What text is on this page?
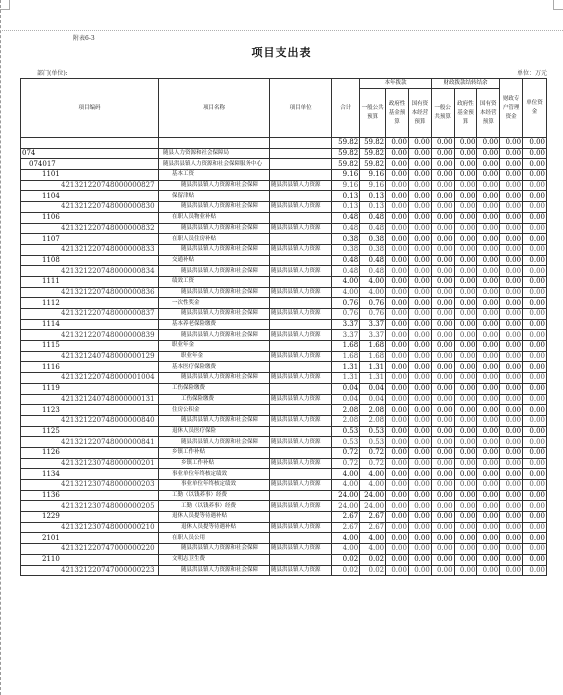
附表6-3
项目支出表
部门(单位):	单位：万元
项目编码	项目名称	项目单位	合计	本年拨款			财政拨款结转结余			财政专户管理资金	单位资金
				一般公共预算	政府性基金预算	国有资本经营预算	一般公共预算	政府性基金预算	国有资本经营预算		
			59.82	59.82	0.00	0.00	0.00	0.00	0.00	0.00	0.00
074	随县人力资源和社会保障局		59.82	59.82	0.00	0.00	0.00	0.00	0.00	0.00	0.00
074017	随县洪县镇人力资源和社会保障服务中心		59.82	59.82	0.00	0.00	0.00	0.00	0.00	0.00	0.00
1101	基本工资		9.16	9.16	0.00	0.00	0.00	0.00	0.00	0.00	0.00
421321220748000000827	随县洪县镇人力资源和社会保障	随县洪县镇人力资源	9.16	9.16	0.00	0.00	0.00	0.00	0.00	0.00	0.00
1104	保留津贴		0.13	0.13	0.00	0.00	0.00	0.00	0.00	0.00	0.00
421321220748000000830	随县洪县镇人力资源和社会保障	随县洪县镇人力资源	0.13	0.13	0.00	0.00	0.00	0.00	0.00	0.00	0.00
1106	在职人员物业补贴		0.48	0.48	0.00	0.00	0.00	0.00	0.00	0.00	0.00
421321220748000000832	随县洪县镇人力资源和社会保障	随县洪县镇人力资源	0.48	0.48	0.00	0.00	0.00	0.00	0.00	0.00	0.00
1107	在职人员住房补贴		0.38	0.38	0.00	0.00	0.00	0.00	0.00	0.00	0.00
421321220748000000833	随县洪县镇人力资源和社会保障	随县洪县镇人力资源	0.38	0.38	0.00	0.00	0.00	0.00	0.00	0.00	0.00
1108	交通补贴		0.48	0.48	0.00	0.00	0.00	0.00	0.00	0.00	0.00
421321220748000000834	随县洪县镇人力资源和社会保障	随县洪县镇人力资源	0.48	0.48	0.00	0.00	0.00	0.00	0.00	0.00	0.00
1111	绩效工资		4.00	4.00	0.00	0.00	0.00	0.00	0.00	0.00	0.00
421321220748000000836	随县洪县镇人力资源和社会保障	随县洪县镇人力资源	4.00	4.00	0.00	0.00	0.00	0.00	0.00	0.00	0.00
1112	一次性奖金		0.76	0.76	0.00	0.00	0.00	0.00	0.00	0.00	0.00
421321220748000000837	随县洪县镇人力资源和社会保障	随县洪县镇人力资源	0.76	0.76	0.00	0.00	0.00	0.00	0.00	0.00	0.00
1114	基本养老保险缴费		3.37	3.37	0.00	0.00	0.00	0.00	0.00	0.00	0.00
421321220748000000839	随县洪县镇人力资源和社会保障	随县洪县镇人力资源	3.37	3.37	0.00	0.00	0.00	0.00	0.00	0.00	0.00
1115	职业年金		1.68	1.68	0.00	0.00	0.00	0.00	0.00	0.00	0.00
421321240748000000129	职业年金	随县洪县镇人力资源	1.68	1.68	0.00	0.00	0.00	0.00	0.00	0.00	0.00
1116	基本医疗保险缴费		1.31	1.31	0.00	0.00	0.00	0.00	0.00	0.00	0.00
421321220748000001004	随县洪县镇人力资源和社会保障	随县洪县镇人力资源	1.31	1.31	0.00	0.00	0.00	0.00	0.00	0.00	0.00
1119	工伤保险缴费		0.04	0.04	0.00	0.00	0.00	0.00	0.00	0.00	0.00
421321240748000000131	工伤保险缴费	随县洪县镇人力资源	0.04	0.04	0.00	0.00	0.00	0.00	0.00	0.00	0.00
1123	住房公积金		2.08	2.08	0.00	0.00	0.00	0.00	0.00	0.00	0.00
421321220748000000840	随县洪县镇人力资源和社会保障	随县洪县镇人力资源	2.08	2.08	0.00	0.00	0.00	0.00	0.00	0.00	0.00
1125	退休人员医疗保险		0.53	0.53	0.00	0.00	0.00	0.00	0.00	0.00	0.00
421321220748000000841	随县洪县镇人力资源和社会保障	随县洪县镇人力资源	0.53	0.53	0.00	0.00	0.00	0.00	0.00	0.00	0.00
1126	乡镇工作补贴		0.72	0.72	0.00	0.00	0.00	0.00	0.00	0.00	0.00
421321230748000000201	乡镇工作补贴	随县洪县镇人力资源	0.72	0.72	0.00	0.00	0.00	0.00	0.00	0.00	0.00
1134	事业单位年终核定绩效		4.00	4.00	0.00	0.00	0.00	0.00	0.00	0.00	0.00
421321230748000000203	事业单位年终核定绩效	随县洪县镇人力资源	4.00	4.00	0.00	0.00	0.00	0.00	0.00	0.00	0.00
1136	工勤（以钱养事）经费		24.00	24.00	0.00	0.00	0.00	0.00	0.00	0.00	0.00
421321230748000000205	工勤（以钱养事）经费	随县洪县镇人力资源	24.00	24.00	0.00	0.00	0.00	0.00	0.00	0.00	0.00
1229	退休人员提等待遇补贴		2.67	2.67	0.00	0.00	0.00	0.00	0.00	0.00	0.00
421321230748000000210	退休人员提等待遇补贴	随县洪县镇人力资源	2.67	2.67	0.00	0.00	0.00	0.00	0.00	0.00	0.00
2101	在职人员公用		4.00	4.00	0.00	0.00	0.00	0.00	0.00	0.00	0.00
421321220747000000220	随县洪县镇人力资源和社会保障	随县洪县镇人力资源	4.00	4.00	0.00	0.00	0.00	0.00	0.00	0.00	0.00
2110	文明志卫生费		0.02	0.02	0.00	0.00	0.00	0.00	0.00	0.00	0.00
421321220747000000223	随县洪县镇人力资源和社会保障	随县洪县镇人力资源	0.02	0.02	0.00	0.00	0.00	0.00	0.00	0.00	0.00
